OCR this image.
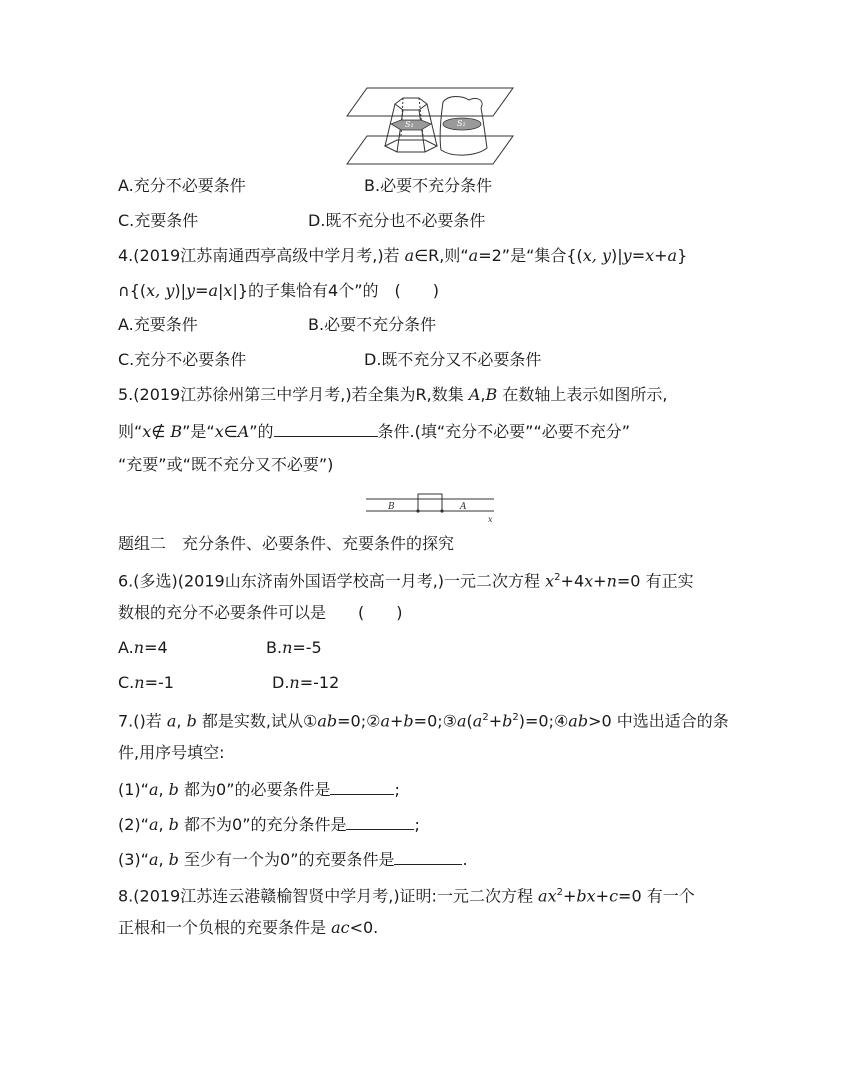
S₁	S₂
A.充分不必要条件	B.必要不充分条件
C.充要条件	D.既不充分也不必要条件
4.(2019江苏南通西亭高级中学月考,)若 a∈R,则“a=2”是“集合{(x, y)|y=x+a}
∩{(x, y)|y=a|x|}的子集恰有4个”的　(　　)
A.充要条件	B.必要不充分条件
C.充分不必要条件	D.既不充分又不必要条件
5.(2019江苏徐州第三中学月考,)若全集为R,数集 A,B 在数轴上表示如图所示,
则“x∉ B”是“x∈A”的	条件.(填“充分不必要”“必要不充分”
“充要”或“既不充分又不必要”)
B	A
x
题组二　充分条件、必要条件、充要条件的探究
6.(多选)(2019山东济南外国语学校高一月考,)一元二次方程 $x^2+4x+n=0$ 有正实
数根的充分不必要条件可以是　　(　　)
A.n=4	B.n=-5
C.n=-1	D.n=-12
7.()若 a, b 都是实数,试从$①ab=0;②a+b=0;③a(a^2+b^2)=0;④ab>0$ 中选出适合的条
件,用序号填空:
(1)“a, b 都为0”的必要条件是	;
(2)“a, b 都不为0”的充分条件是	;
(3)“a, b 至少有一个为0”的充要条件是	.
8.(2019江苏连云港赣榆智贤中学月考,)证明:一元二次方程 $ax^2+bx+c=0$ 有一个
正根和一个负根的充要条件是 ac<0.
